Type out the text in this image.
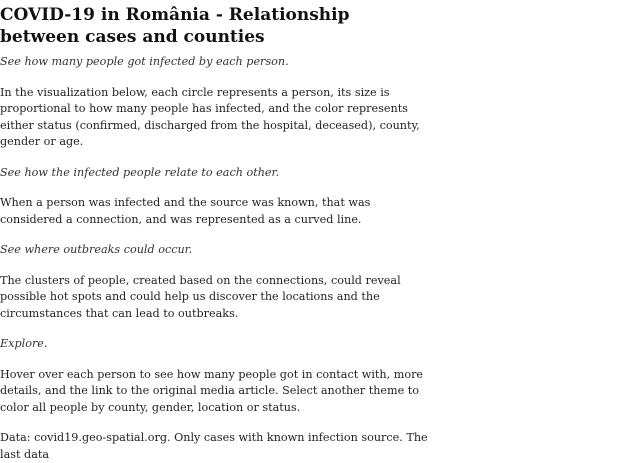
COVID-19 in România - Relationship between cases and counties

See how many people got infected by each person.

In the visualization below, each circle represents a person, its size is proportional to how many people has infected, and the color represents either status (confirmed, discharged from the hospital, deceased), county, gender or age.

See how the infected people relate to each other.

When a person was infected and the source was known, that was considered a connection, and was represented as a curved line.

See where outbreaks could occur.

The clusters of people, created based on the connections, could reveal possible hot spots and could help us discover the locations and the circumstances that can lead to outbreaks.

Explore.

Hover over each person to see how many people got in contact with, more details, and the link to the original media article. Select another theme to color all people by county, gender, location or status.

Data: covid19.geo-spatial.org. Only cases with known infection source. The last data
